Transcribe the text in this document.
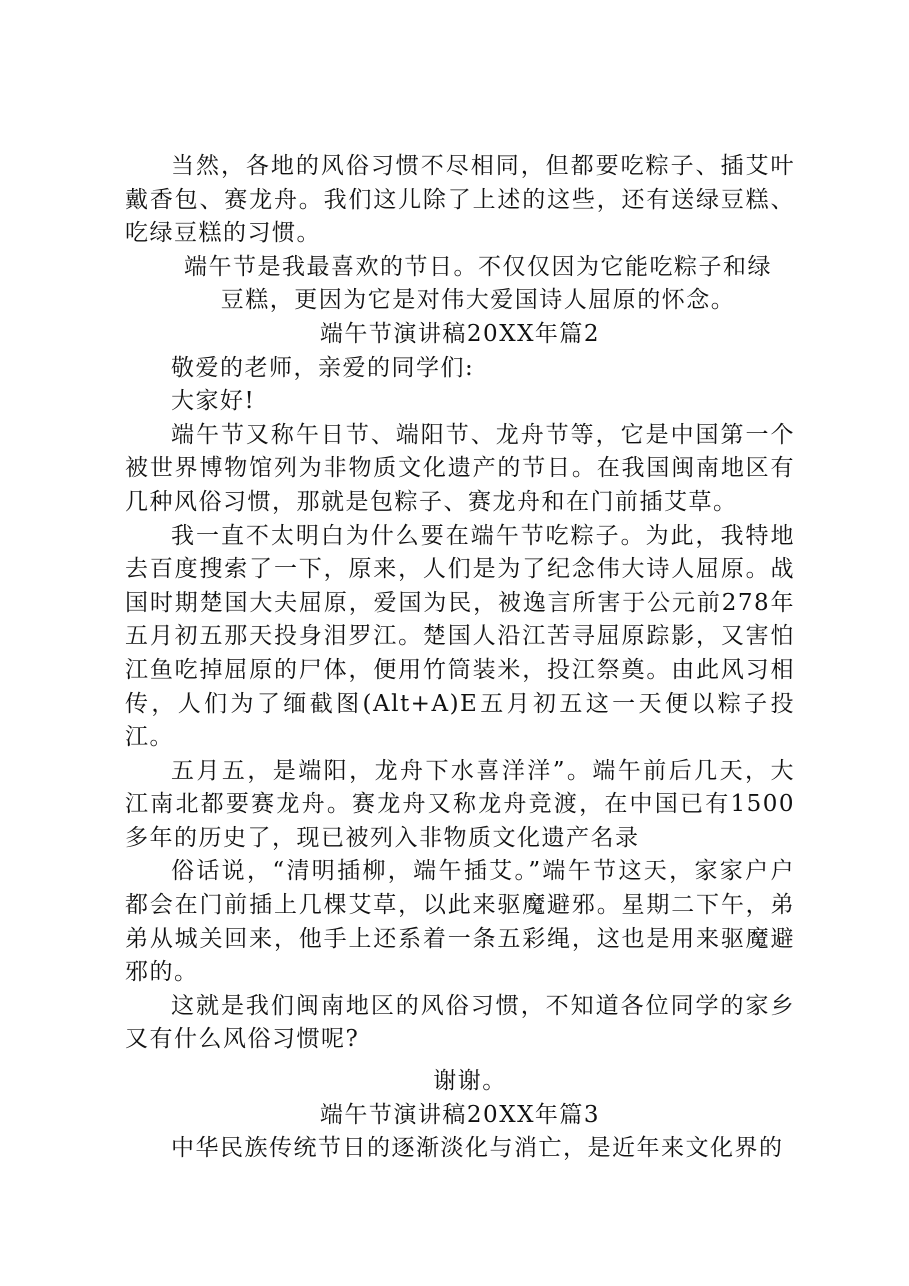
当然，各地的风俗习惯不尽相同，但都要吃粽子、插艾叶戴香包、赛龙舟。我们这儿除了上述的这些，还有送绿豆糕、吃绿豆糕的习惯。

端午节是我最喜欢的节日。不仅仅因为它能吃粽子和绿豆糕，更因为它是对伟大爱国诗人屈原的怀念。

端午节演讲稿20XX年篇2

敬爱的老师，亲爱的同学们:

大家好!

端午节又称午日节、端阳节、龙舟节等，它是中国第一个被世界博物馆列为非物质文化遗产的节日。在我国闽南地区有几种风俗习惯，那就是包粽子、赛龙舟和在门前插艾草。

我一直不太明白为什么要在端午节吃粽子。为此，我特地去百度搜索了一下，原来，人们是为了纪念伟大诗人屈原。战国时期楚国大夫屈原，爱国为民，被逸言所害于公元前278年五月初五那天投身泪罗江。楚国人沿江苦寻屈原踪影，又害怕江鱼吃掉屈原的尸体，便用竹筒装米，投江祭奠。由此风习相传，人们为了缅截图(Alt+A)E五月初五这一天便以粽子投江。

五月五，是端阳，龙舟下水喜洋洋”。端午前后几天，大江南北都要赛龙舟。赛龙舟又称龙舟竞渡，在中国已有1500多年的历史了，现已被列入非物质文化遗产名录

俗话说，“清明插柳，端午插艾。”端午节这天，家家户户都会在门前插上几棵艾草，以此来驱魔避邪。星期二下午，弟弟从城关回来，他手上还系着一条五彩绳，这也是用来驱魔避邪的。

这就是我们闽南地区的风俗习惯，不知道各位同学的家乡又有什么风俗习惯呢?

谢谢。

端午节演讲稿20XX年篇3

中华民族传统节日的逐渐淡化与消亡，是近年来文化界的
